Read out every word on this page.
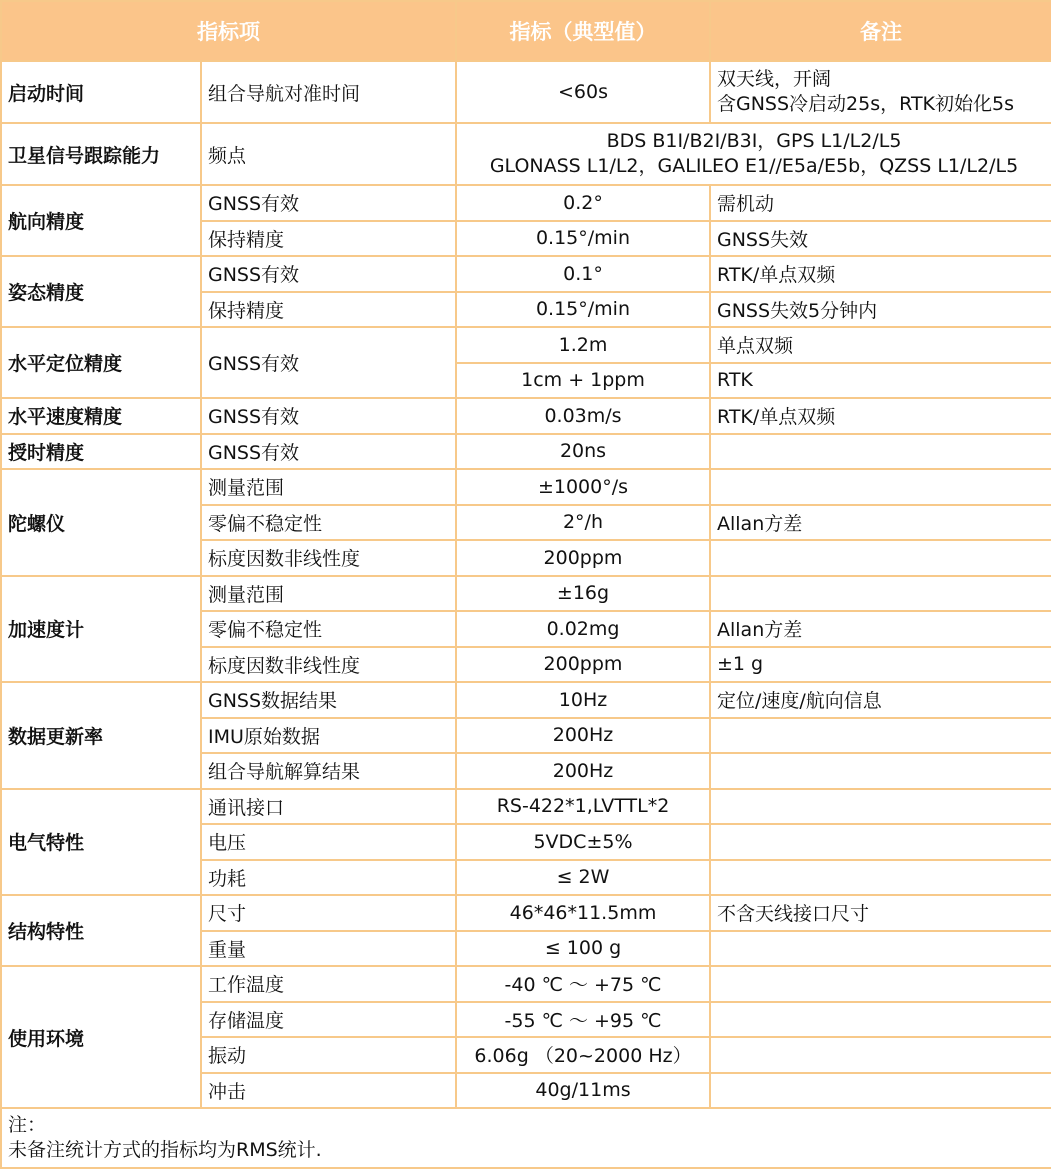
指标项		指标（典型值）	备注
启动时间	组合导航对准时间	<60s	双天线，开阔
含GNSS冷启动25s，RTK初始化5s

卫星信号跟踪能力	频点	BDS B1I/B2I/B3I，GPS L1/L2/L5
GLONASS L1/L2，GALILEO E1//E5a/E5b，QZSS L1/L2/L5	

航向精度	GNSS有效	0.2°	需机动
	保持精度	0.15°/min	GNSS失效
姿态精度	GNSS有效	0.1°	RTK/单点双频
	保持精度	0.15°/min	GNSS失效5分钟内
水平定位精度	GNSS有效	1.2m	单点双频
		1cm + 1ppm	RTK
水平速度精度	GNSS有效	0.03m/s	RTK/单点双频
授时精度	GNSS有效	20ns	
陀螺仪	测量范围	±1000°/s	
	零偏不稳定性	2°/h	Allan方差
	标度因数非线性度	200ppm	
加速度计	测量范围	±16g	
	零偏不稳定性	0.02mg	Allan方差
	标度因数非线性度	200ppm	±1 g
数据更新率	GNSS数据结果	10Hz	定位/速度/航向信息
	IMU原始数据	200Hz	
	组合导航解算结果	200Hz	
电气特性	通讯接口	RS-422*1,LVTTL*2	
	电压	5VDC±5%	
	功耗	≤ 2W	
结构特性	尺寸	46*46*11.5mm	不含天线接口尺寸
	重量	≤ 100 g	
使用环境	工作温度	-40 ℃ ～ +75 ℃	
	存储温度	-55 ℃ ～ +95 ℃	
	振动	6.06g （20~2000 Hz）	
	冲击	40g/11ms	

注：
未备注统计方式的指标均为RMS统计.			
